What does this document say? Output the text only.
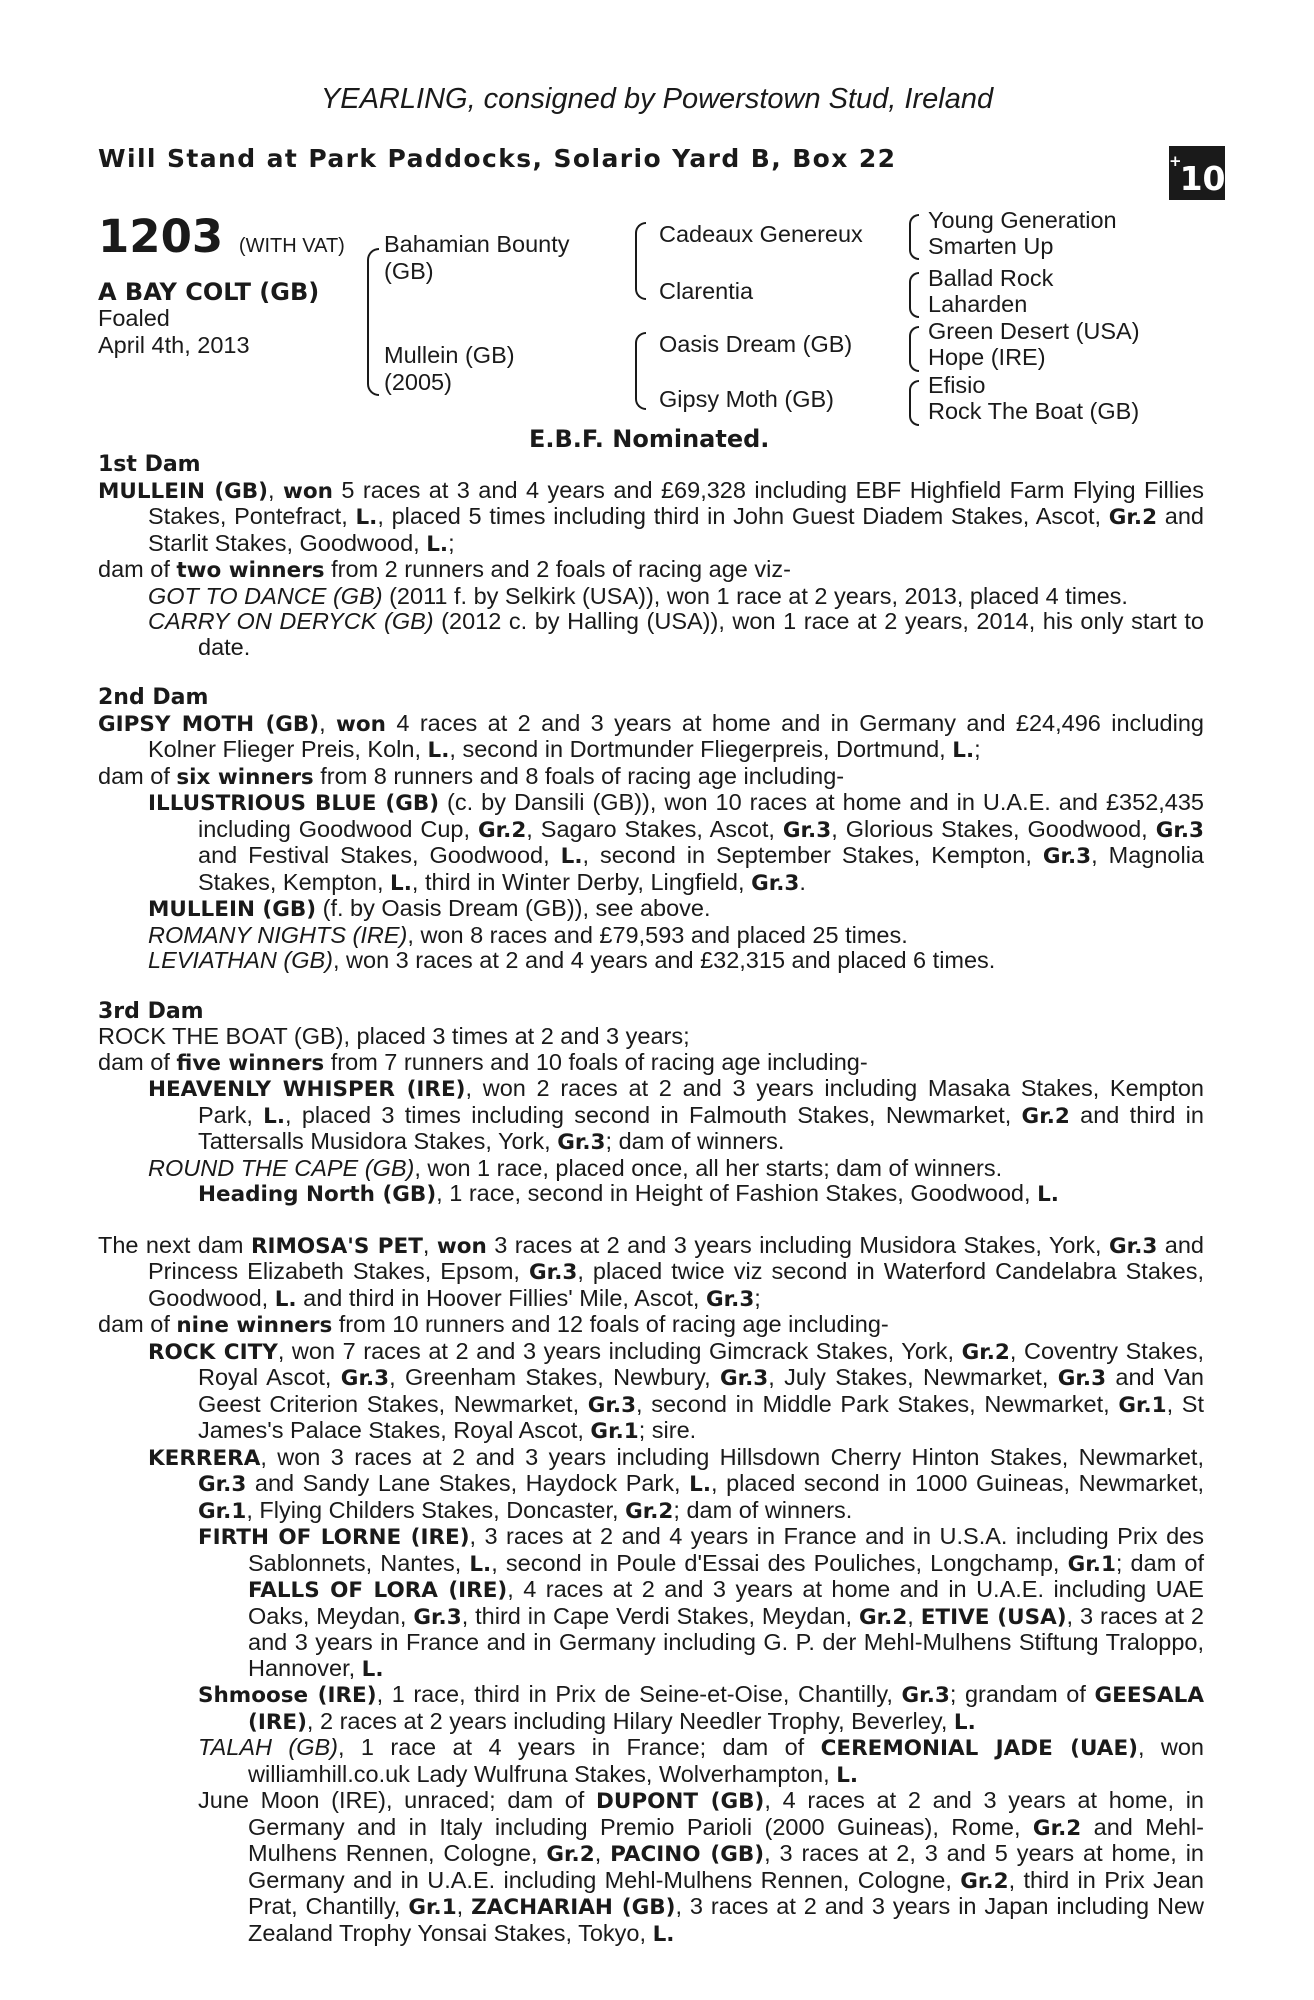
YEARLING, consigned by Powerstown Stud, Ireland
Will Stand at Park Paddocks, Solario Yard B, Box 22	+10
1203 (WITH VAT)
A BAY COLT (GB)
Foaled
April 4th, 2013
Bahamian Bounty (GB)
Mullein (GB) (2005)
Cadeaux Genereux
Clarentia
Oasis Dream (GB)
Gipsy Moth (GB)
Young Generation
Smarten Up
Ballad Rock
Laharden
Green Desert (USA)
Hope (IRE)
Efisio
Rock The Boat (GB)
E.B.F. Nominated.
1st Dam
MULLEIN (GB), won 5 races at 3 and 4 years and £69,328 including EBF Highfield Farm Flying Fillies Stakes, Pontefract, L., placed 5 times including third in John Guest Diadem Stakes, Ascot, Gr.2 and Starlit Stakes, Goodwood, L.;
dam of two winners from 2 runners and 2 foals of racing age viz-
GOT TO DANCE (GB) (2011 f. by Selkirk (USA)), won 1 race at 2 years, 2013, placed 4 times.
CARRY ON DERYCK (GB) (2012 c. by Halling (USA)), won 1 race at 2 years, 2014, his only start to date.
2nd Dam
GIPSY MOTH (GB), won 4 races at 2 and 3 years at home and in Germany and £24,496 including Kolner Flieger Preis, Koln, L., second in Dortmunder Fliegerpreis, Dortmund, L.;
dam of six winners from 8 runners and 8 foals of racing age including-
ILLUSTRIOUS BLUE (GB) (c. by Dansili (GB)), won 10 races at home and in U.A.E. and £352,435 including Goodwood Cup, Gr.2, Sagaro Stakes, Ascot, Gr.3, Glorious Stakes, Goodwood, Gr.3 and Festival Stakes, Goodwood, L., second in September Stakes, Kempton, Gr.3, Magnolia Stakes, Kempton, L., third in Winter Derby, Lingfield, Gr.3.
MULLEIN (GB) (f. by Oasis Dream (GB)), see above.
ROMANY NIGHTS (IRE), won 8 races and £79,593 and placed 25 times.
LEVIATHAN (GB), won 3 races at 2 and 4 years and £32,315 and placed 6 times.
3rd Dam
ROCK THE BOAT (GB), placed 3 times at 2 and 3 years;
dam of five winners from 7 runners and 10 foals of racing age including-
HEAVENLY WHISPER (IRE), won 2 races at 2 and 3 years including Masaka Stakes, Kempton Park, L., placed 3 times including second in Falmouth Stakes, Newmarket, Gr.2 and third in Tattersalls Musidora Stakes, York, Gr.3; dam of winners.
ROUND THE CAPE (GB), won 1 race, placed once, all her starts; dam of winners.
Heading North (GB), 1 race, second in Height of Fashion Stakes, Goodwood, L.
The next dam RIMOSA'S PET, won 3 races at 2 and 3 years including Musidora Stakes, York, Gr.3 and Princess Elizabeth Stakes, Epsom, Gr.3, placed twice viz second in Waterford Candelabra Stakes, Goodwood, L. and third in Hoover Fillies' Mile, Ascot, Gr.3;
dam of nine winners from 10 runners and 12 foals of racing age including-
ROCK CITY, won 7 races at 2 and 3 years including Gimcrack Stakes, York, Gr.2, Coventry Stakes, Royal Ascot, Gr.3, Greenham Stakes, Newbury, Gr.3, July Stakes, Newmarket, Gr.3 and Van Geest Criterion Stakes, Newmarket, Gr.3, second in Middle Park Stakes, Newmarket, Gr.1, St James's Palace Stakes, Royal Ascot, Gr.1; sire.
KERRERA, won 3 races at 2 and 3 years including Hillsdown Cherry Hinton Stakes, Newmarket, Gr.3 and Sandy Lane Stakes, Haydock Park, L., placed second in 1000 Guineas, Newmarket, Gr.1, Flying Childers Stakes, Doncaster, Gr.2; dam of winners.
FIRTH OF LORNE (IRE), 3 races at 2 and 4 years in France and in U.S.A. including Prix des Sablonnets, Nantes, L., second in Poule d'Essai des Pouliches, Longchamp, Gr.1; dam of FALLS OF LORA (IRE), 4 races at 2 and 3 years at home and in U.A.E. including UAE Oaks, Meydan, Gr.3, third in Cape Verdi Stakes, Meydan, Gr.2, ETIVE (USA), 3 races at 2 and 3 years in France and in Germany including G. P. der Mehl-Mulhens Stiftung Traloppo, Hannover, L.
Shmoose (IRE), 1 race, third in Prix de Seine-et-Oise, Chantilly, Gr.3; grandam of GEESALA (IRE), 2 races at 2 years including Hilary Needler Trophy, Beverley, L.
TALAH (GB), 1 race at 4 years in France; dam of CEREMONIAL JADE (UAE), won williamhill.co.uk Lady Wulfruna Stakes, Wolverhampton, L.
June Moon (IRE), unraced; dam of DUPONT (GB), 4 races at 2 and 3 years at home, in Germany and in Italy including Premio Parioli (2000 Guineas), Rome, Gr.2 and Mehl-Mulhens Rennen, Cologne, Gr.2, PACINO (GB), 3 races at 2, 3 and 5 years at home, in Germany and in U.A.E. including Mehl-Mulhens Rennen, Cologne, Gr.2, third in Prix Jean Prat, Chantilly, Gr.1, ZACHARIAH (GB), 3 races at 2 and 3 years in Japan including New Zealand Trophy Yonsai Stakes, Tokyo, L.
